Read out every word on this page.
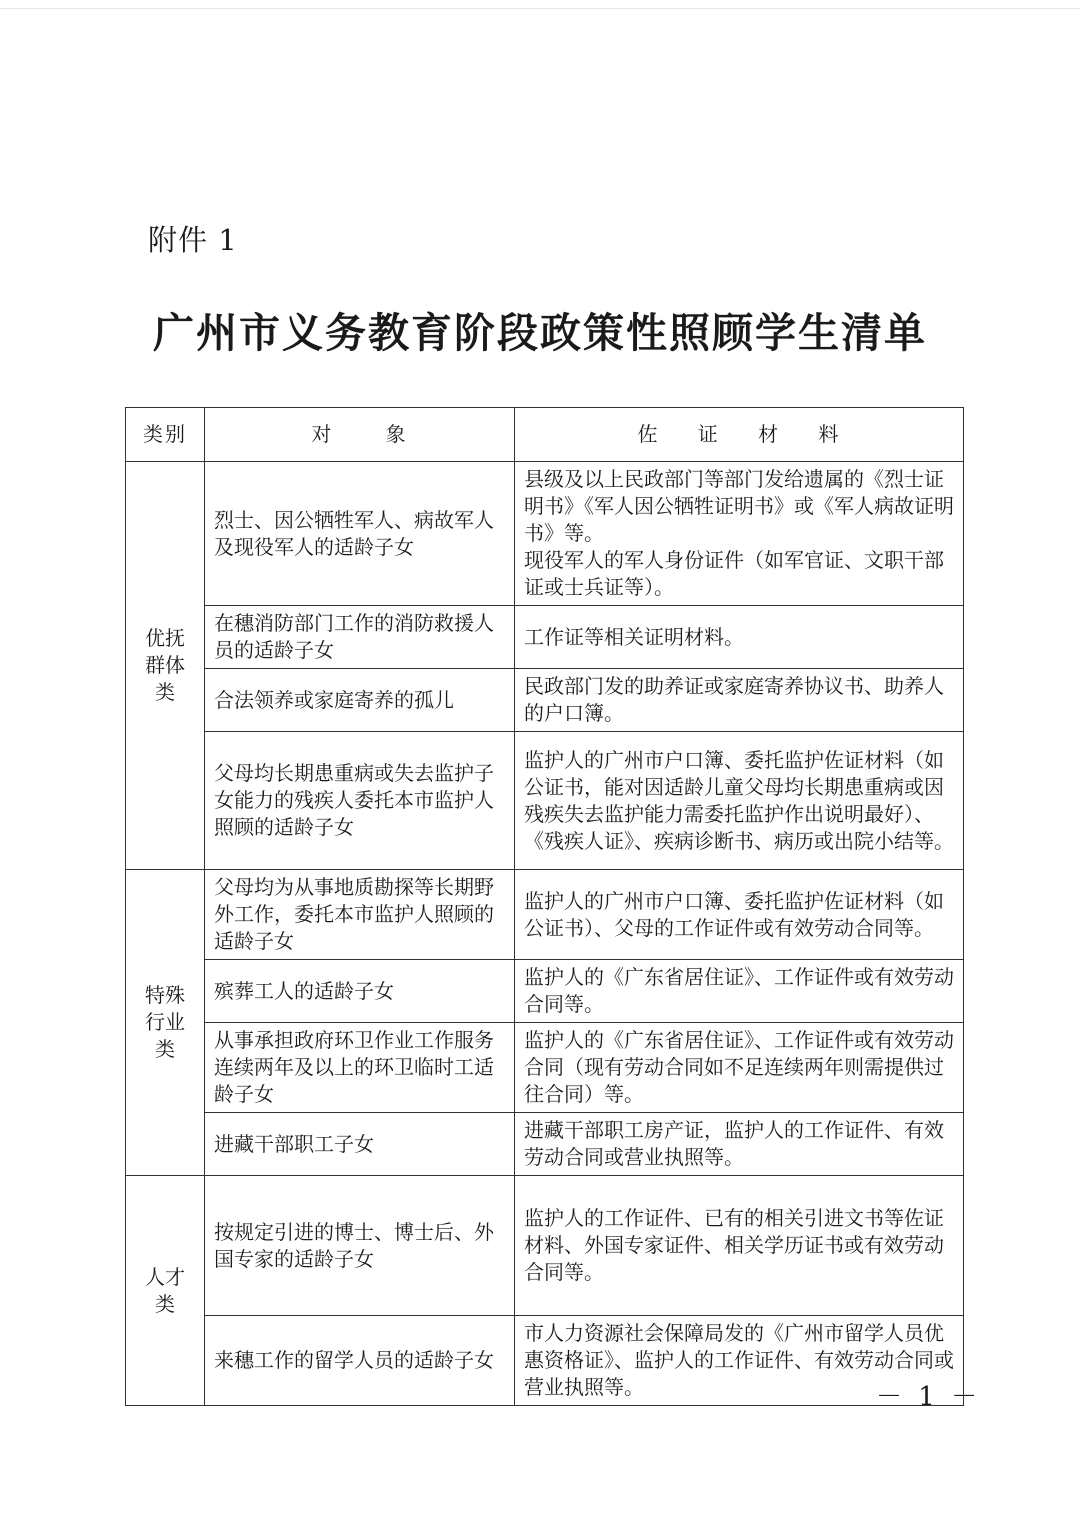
附件 1
广州市义务教育阶段政策性照顾学生清单
类别	对 象	佐 证 材 料
优抚群体类	烈士、因公牺牲军人、病故军人及现役军人的适龄子女	县级及以上民政部门等部门发给遗属的《烈士证明书》《军人因公牺牲证明书》或《军人病故证明书》等。

现役军人的军人身份证件（如军官证、文职干部证或士兵证等）。

	在穗消防部门工作的消防救援人员的适龄子女	工作证等相关证明材料。

	合法领养或家庭寄养的孤儿	民政部门发的助养证或家庭寄养协议书、助养人的户口簿。

	父母均长期患重病或失去监护子女能力的残疾人委托本市监护人照顾的适龄子女	监护人的广州市户口簿、委托监护佐证材料（如公证书，能对因适龄儿童父母均长期患重病或因残疾失去监护能力需委托监护作出说明最好）、《残疾人证》、疾病诊断书、病历或出院小结等。

特殊行业类	父母均为从事地质勘探等长期野外工作，委托本市监护人照顾的适龄子女	监护人的广州市户口簿、委托监护佐证材料（如公证书）、父母的工作证件或有效劳动合同等。

	殡葬工人的适龄子女	监护人的《广东省居住证》、工作证件或有效劳动合同等。

	从事承担政府环卫作业工作服务连续两年及以上的环卫临时工适龄子女	监护人的《广东省居住证》、工作证件或有效劳动合同（现有劳动合同如不足连续两年则需提供过往合同）等。

	进藏干部职工子女	进藏干部职工房产证，监护人的工作证件、有效劳动合同或营业执照等。

人才类	按规定引进的博士、博士后、外国专家的适龄子女	监护人的工作证件、已有的相关引进文书等佐证材料、外国专家证件、相关学历证书或有效劳动合同等。

	来穗工作的留学人员的适龄子女	市人力资源社会保障局发的《广州市留学人员优惠资格证》、监护人的工作证件、有效劳动合同或营业执照等。	－ 1 －
